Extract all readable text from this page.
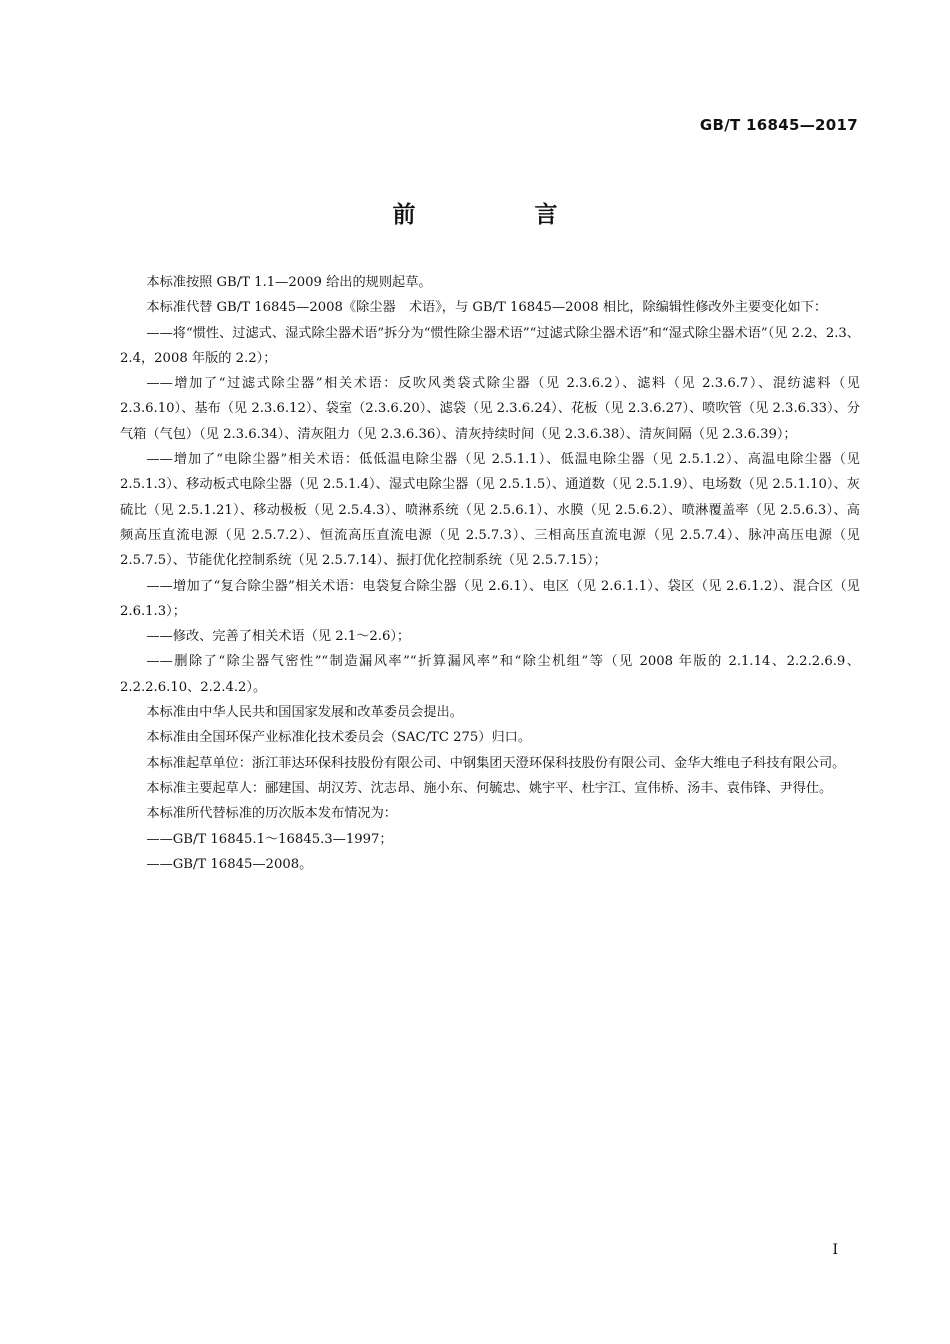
GB/T 16845—2017
前　言

本标准按照 GB/T 1.1—2009 给出的规则起草。

本标准代替 GB/T 16845—2008《除尘器　术语》，与 GB/T 16845—2008 相比，除编辑性修改外主要变化如下：

——将“惯性、过滤式、湿式除尘器术语”拆分为“惯性除尘器术语”“过滤式除尘器术语”和“湿式除尘器术语”（见 2.2、2.3、2.4，2008 年版的 2.2）；

——增加了“过滤式除尘器”相关术语：反吹风类袋式除尘器（见 2.3.6.2）、滤料（见 2.3.6.7）、混纺滤料（见 2.3.6.10）、基布（见 2.3.6.12）、袋室（2.3.6.20）、滤袋（见 2.3.6.24）、花板（见 2.3.6.27）、喷吹管（见 2.3.6.33）、分气箱（气包）（见 2.3.6.34）、清灰阻力（见 2.3.6.36）、清灰持续时间（见 2.3.6.38）、清灰间隔（见 2.3.6.39）；

——增加了“电除尘器”相关术语：低低温电除尘器（见 2.5.1.1）、低温电除尘器（见 2.5.1.2）、高温电除尘器（见 2.5.1.3）、移动板式电除尘器（见 2.5.1.4）、湿式电除尘器（见 2.5.1.5）、通道数（见 2.5.1.9）、电场数（见 2.5.1.10）、灰硫比（见 2.5.1.21）、移动极板（见 2.5.4.3）、喷淋系统（见 2.5.6.1）、水膜（见 2.5.6.2）、喷淋覆盖率（见 2.5.6.3）、高频高压直流电源（见 2.5.7.2）、恒流高压直流电源（见 2.5.7.3）、三相高压直流电源（见 2.5.7.4）、脉冲高压电源（见 2.5.7.5）、节能优化控制系统（见 2.5.7.14）、振打优化控制系统（见 2.5.7.15）；

——增加了“复合除尘器”相关术语：电袋复合除尘器（见 2.6.1）、电区（见 2.6.1.1）、袋区（见 2.6.1.2）、混合区（见 2.6.1.3）；

——修改、完善了相关术语（见 2.1～2.6）；

——删除了“除尘器气密性”“制造漏风率”“折算漏风率”和“除尘机组”等（见 2008 年版的 2.1.14、2.2.2.6.9、2.2.2.6.10、2.2.4.2）。

本标准由中华人民共和国国家发展和改革委员会提出。

本标准由全国环保产业标准化技术委员会（SAC/TC 275）归口。

本标准起草单位：浙江菲达环保科技股份有限公司、中钢集团天澄环保科技股份有限公司、金华大维电子科技有限公司。

本标准主要起草人：郦建国、胡汉芳、沈志昂、施小东、何毓忠、姚宇平、杜宇江、宣伟桥、汤丰、袁伟锋、尹得仕。

本标准所代替标准的历次版本发布情况为：

——GB/T 16845.1～16845.3—1997；

——GB/T 16845—2008。

I
